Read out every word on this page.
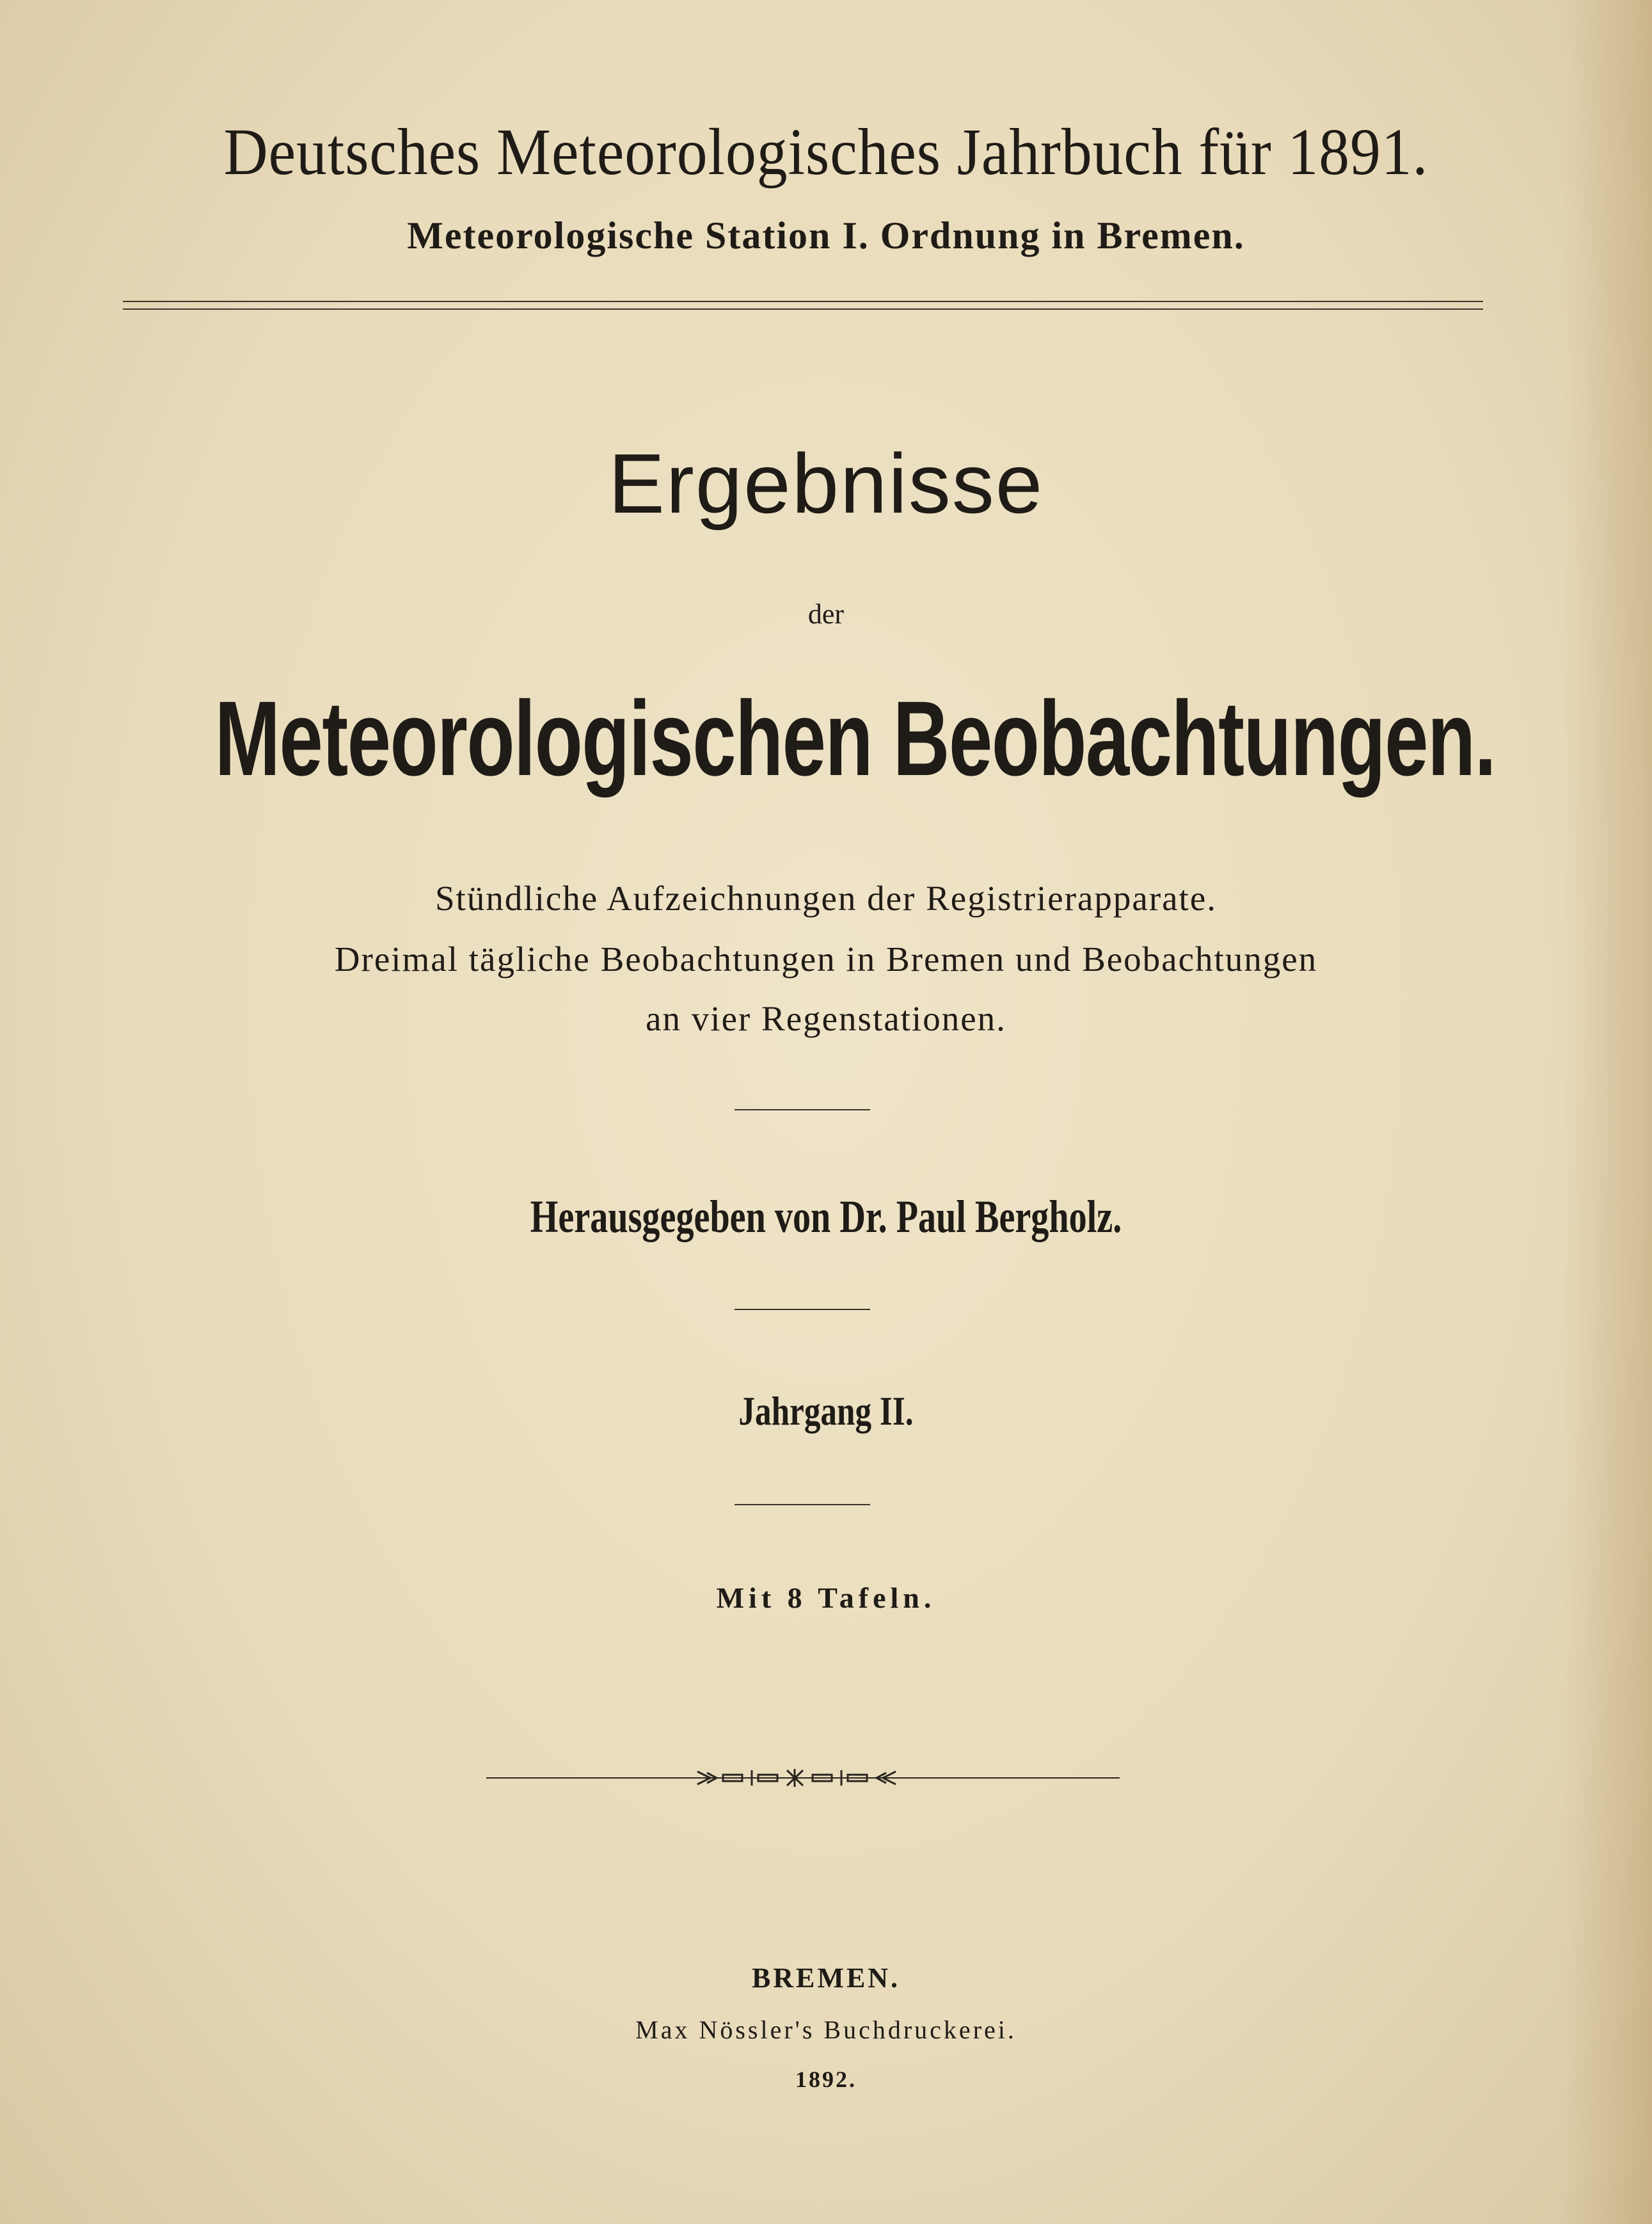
Deutsches Meteorologisches Jahrbuch für 1891.
Meteorologische Station I. Ordnung in Bremen.
Ergebnisse
der
Meteorologischen Beobachtungen.
Stündliche Aufzeichnungen der Registrierapparate.
Dreimal tägliche Beobachtungen in Bremen und Beobachtungen
an vier Regenstationen.
Herausgegeben von Dr. Paul Bergholz.
Jahrgang II.
Mit 8 Tafeln.
BREMEN.
Max Nössler's Buchdruckerei.
1892.
